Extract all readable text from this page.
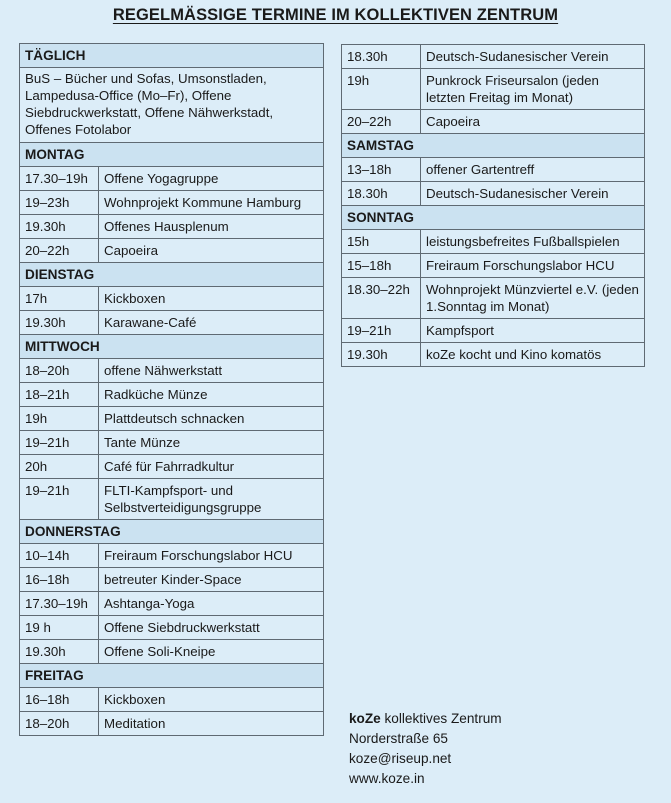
REGELMÄSSIGE TERMINE IM KOLLEKTIVEN ZENTRUM
TÄGLICH	
BuS – Bücher und Sofas, Umsonstladen, Lampedusa-Office (Mo–Fr), Offene Siebdruckwerkstatt, Offene Nähwerkstadt, Offenes Fotolabor	
MONTAG	
17.30–19h	Offene Yogagruppe
19–23h	Wohnprojekt Kommune Hamburg
19.30h	Offenes Hausplenum
20–22h	Capoeira
DIENSTAG	
17h	Kickboxen
19.30h	Karawane-Café
MITTWOCH	
18–20h	offene Nähwerkstatt
18–21h	Radküche Münze
19h	Plattdeutsch schnacken
19–21h	Tante Münze
20h	Café für Fahrradkultur
19–21h	FLTI-Kampfsport- und Selbstverteidigungsgruppe
DONNERSTAG	
10–14h	Freiraum Forschungslabor HCU
16–18h	betreuter Kinder-Space
17.30–19h	Ashtanga-Yoga
19 h	Offene Siebdruckwerkstatt
19.30h	Offene Soli-Kneipe
FREITAG	
16–18h	Kickboxen
18–20h	Meditation
18.30h	Deutsch-Sudanesischer Verein
19h	Punkrock Friseursalon (jeden letzten Freitag im Monat)
20–22h	Capoeira
SAMSTAG	
13–18h	offener Gartentreff
18.30h	Deutsch-Sudanesischer Verein
SONNTAG	
15h	leistungsbefreites Fußballspielen
15–18h	Freiraum Forschungslabor HCU
18.30–22h	Wohnprojekt Münzviertel e.V. (jeden 1.Sonntag im Monat)
19–21h	Kampfsport
19.30h	koZe kocht und Kino komatös
koZe kollektives Zentrum
Norderstraße 65
koze@riseup.net
www.koze.in
